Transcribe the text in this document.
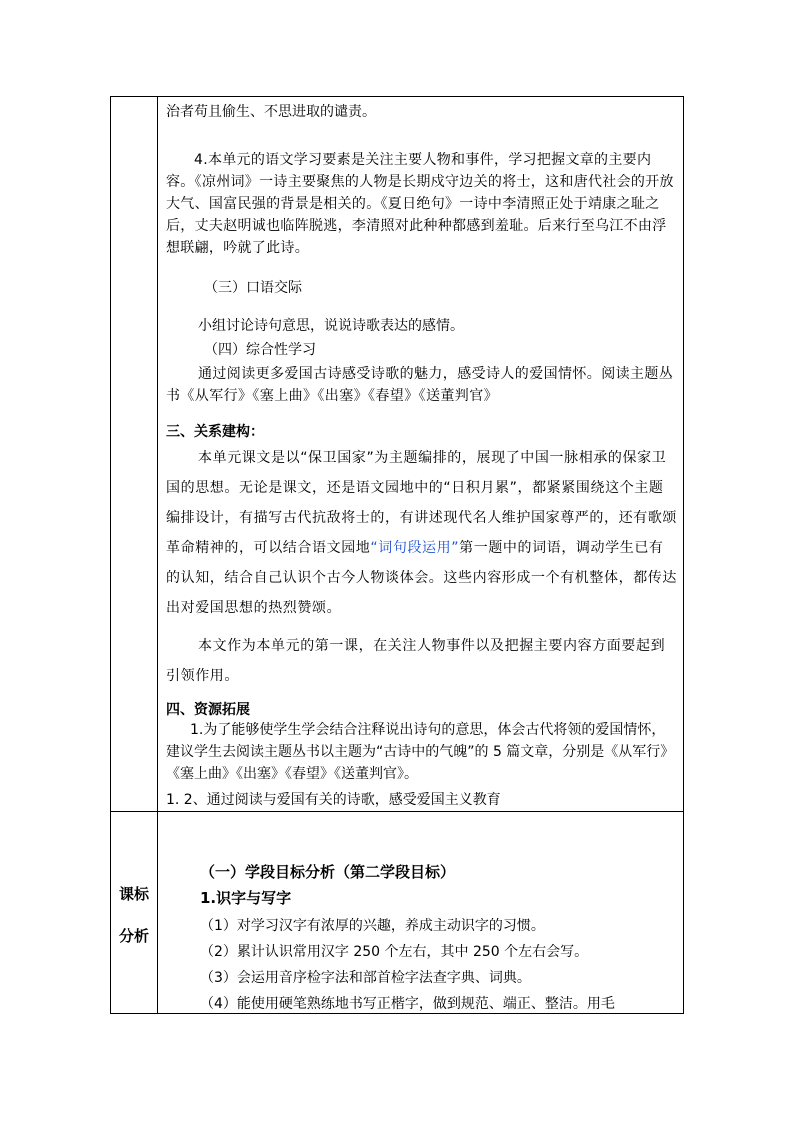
治者苟且偷生、不思进取的谴责。
4.本单元的语文学习要素是关注主要人物和事件，学习把握文章的主要内容。《凉州词》一诗主要聚焦的人物是长期戍守边关的将士，这和唐代社会的开放大气、国富民强的背景是相关的。《夏日绝句》一诗中李清照正处于靖康之耻之后，丈夫赵明诚也临阵脱逃，李清照对此种种都感到羞耻。后来行至乌江不由浮想联翩，吟就了此诗。
（三）口语交际
小组讨论诗句意思，说说诗歌表达的感情。
（四）综合性学习
通过阅读更多爱国古诗感受诗歌的魅力，感受诗人的爱国情怀。阅读主题丛书《从军行》《塞上曲》《出塞》《春望》《送董判官》
三、关系建构：
本单元课文是以“保卫国家”为主题编排的，展现了中国一脉相承的保家卫国的思想。无论是课文，还是语文园地中的“日积月累”，都紧紧围绕这个主题编排设计，有描写古代抗敌将士的，有讲述现代名人维护国家尊严的，还有歌颂革命精神的，可以结合语文园地“词句段运用”第一题中的词语，调动学生已有的认知，结合自己认识个古今人物谈体会。这些内容形成一个有机整体，都传达出对爱国思想的热烈赞颂。
本文作为本单元的第一课，在关注人物事件以及把握主要内容方面要起到引领作用。
四、资源拓展
1.为了能够使学生学会结合注释说出诗句的意思，体会古代将领的爱国情怀，建议学生去阅读主题丛书以主题为“古诗中的气魄”的 5 篇文章，分别是《从军行》《塞上曲》《出塞》《春望》《送董判官》。
1. 2、通过阅读与爱国有关的诗歌，感受爱国主义教育
课标
分析
（一）学段目标分析（第二学段目标）
1.识字与写字
（1）对学习汉字有浓厚的兴趣，养成主动识字的习惯。
（2）累计认识常用汉字 250 个左右，其中 250 个左右会写。
（3）会运用音序检字法和部首检字法查字典、词典。
（4）能使用硬笔熟练地书写正楷字，做到规范、端正、整洁。用毛
